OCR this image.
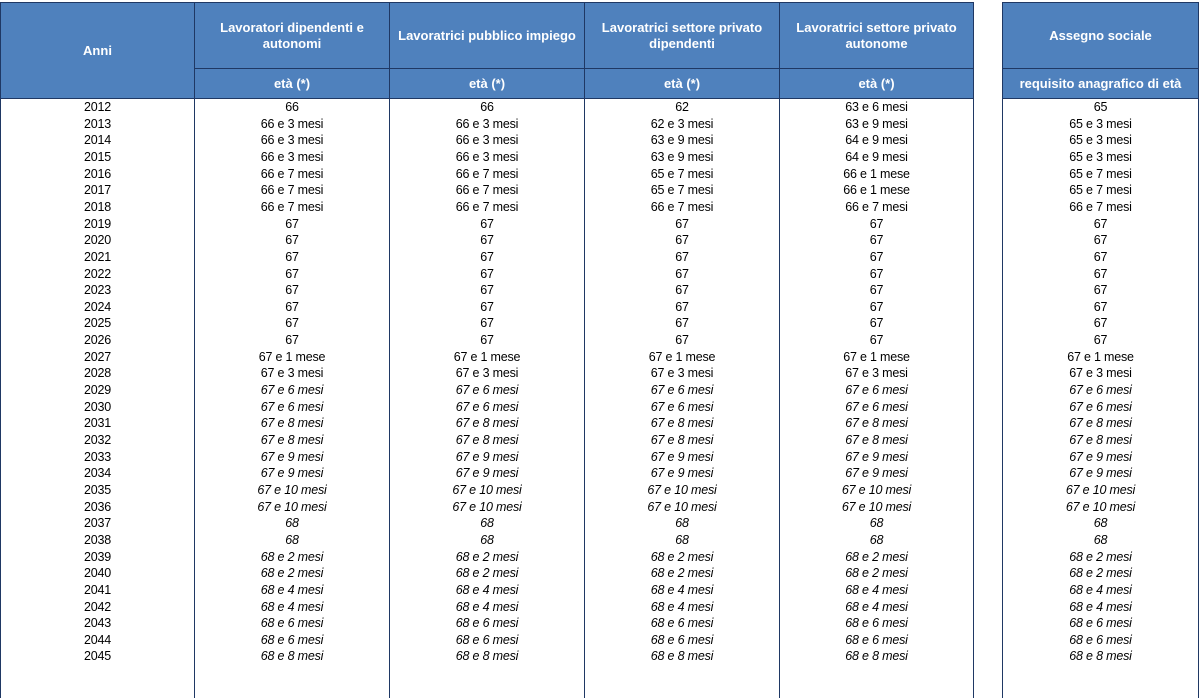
Anni
Lavoratori dipendenti e autonomi
Lavoratrici pubblico impiego
Lavoratrici settore privato dipendenti
Lavoratrici settore privato autonome
Assegno sociale
età (*)	età (*)	età (*)	età (*)	requisito anagrafico di età
2012	66	66	62	63 e 6 mesi	65
2013	66 e 3 mesi	66 e 3 mesi	62 e 3 mesi	63 e 9 mesi	65 e 3 mesi
2014	66 e 3 mesi	66 e 3 mesi	63 e 9 mesi	64 e 9 mesi	65 e 3 mesi
2015	66 e 3 mesi	66 e 3 mesi	63 e 9 mesi	64 e 9 mesi	65 e 3 mesi
2016	66 e 7 mesi	66 e 7 mesi	65 e 7 mesi	66 e 1 mese	65 e 7 mesi
2017	66 e 7 mesi	66 e 7 mesi	65 e 7 mesi	66 e 1 mese	65 e 7 mesi
2018	66 e 7 mesi	66 e 7 mesi	66 e 7 mesi	66 e 7 mesi	66 e 7 mesi
2019	67	67	67	67	67
2020	67	67	67	67	67
2021	67	67	67	67	67
2022	67	67	67	67	67
2023	67	67	67	67	67
2024	67	67	67	67	67
2025	67	67	67	67	67
2026	67	67	67	67	67
2027	67 e 1 mese	67 e 1 mese	67 e 1 mese	67 e 1 mese	67 e 1 mese
2028	67 e 3 mesi	67 e 3 mesi	67 e 3 mesi	67 e 3 mesi	67 e 3 mesi
2029	67 e 6 mesi	67 e 6 mesi	67 e 6 mesi	67 e 6 mesi	67 e 6 mesi
2030	67 e 6 mesi	67 e 6 mesi	67 e 6 mesi	67 e 6 mesi	67 e 6 mesi
2031	67 e 8 mesi	67 e 8 mesi	67 e 8 mesi	67 e 8 mesi	67 e 8 mesi
2032	67 e 8 mesi	67 e 8 mesi	67 e 8 mesi	67 e 8 mesi	67 e 8 mesi
2033	67 e 9 mesi	67 e 9 mesi	67 e 9 mesi	67 e 9 mesi	67 e 9 mesi
2034	67 e 9 mesi	67 e 9 mesi	67 e 9 mesi	67 e 9 mesi	67 e 9 mesi
2035	67 e 10 mesi	67 e 10 mesi	67 e 10 mesi	67 e 10 mesi	67 e 10 mesi
2036	67 e 10 mesi	67 e 10 mesi	67 e 10 mesi	67 e 10 mesi	67 e 10 mesi
2037	68	68	68	68	68
2038	68	68	68	68	68
2039	68 e 2 mesi	68 e 2 mesi	68 e 2 mesi	68 e 2 mesi	68 e 2 mesi
2040	68 e 2 mesi	68 e 2 mesi	68 e 2 mesi	68 e 2 mesi	68 e 2 mesi
2041	68 e 4 mesi	68 e 4 mesi	68 e 4 mesi	68 e 4 mesi	68 e 4 mesi
2042	68 e 4 mesi	68 e 4 mesi	68 e 4 mesi	68 e 4 mesi	68 e 4 mesi
2043	68 e 6 mesi	68 e 6 mesi	68 e 6 mesi	68 e 6 mesi	68 e 6 mesi
2044	68 e 6 mesi	68 e 6 mesi	68 e 6 mesi	68 e 6 mesi	68 e 6 mesi
2045	68 e 8 mesi	68 e 8 mesi	68 e 8 mesi	68 e 8 mesi	68 e 8 mesi
